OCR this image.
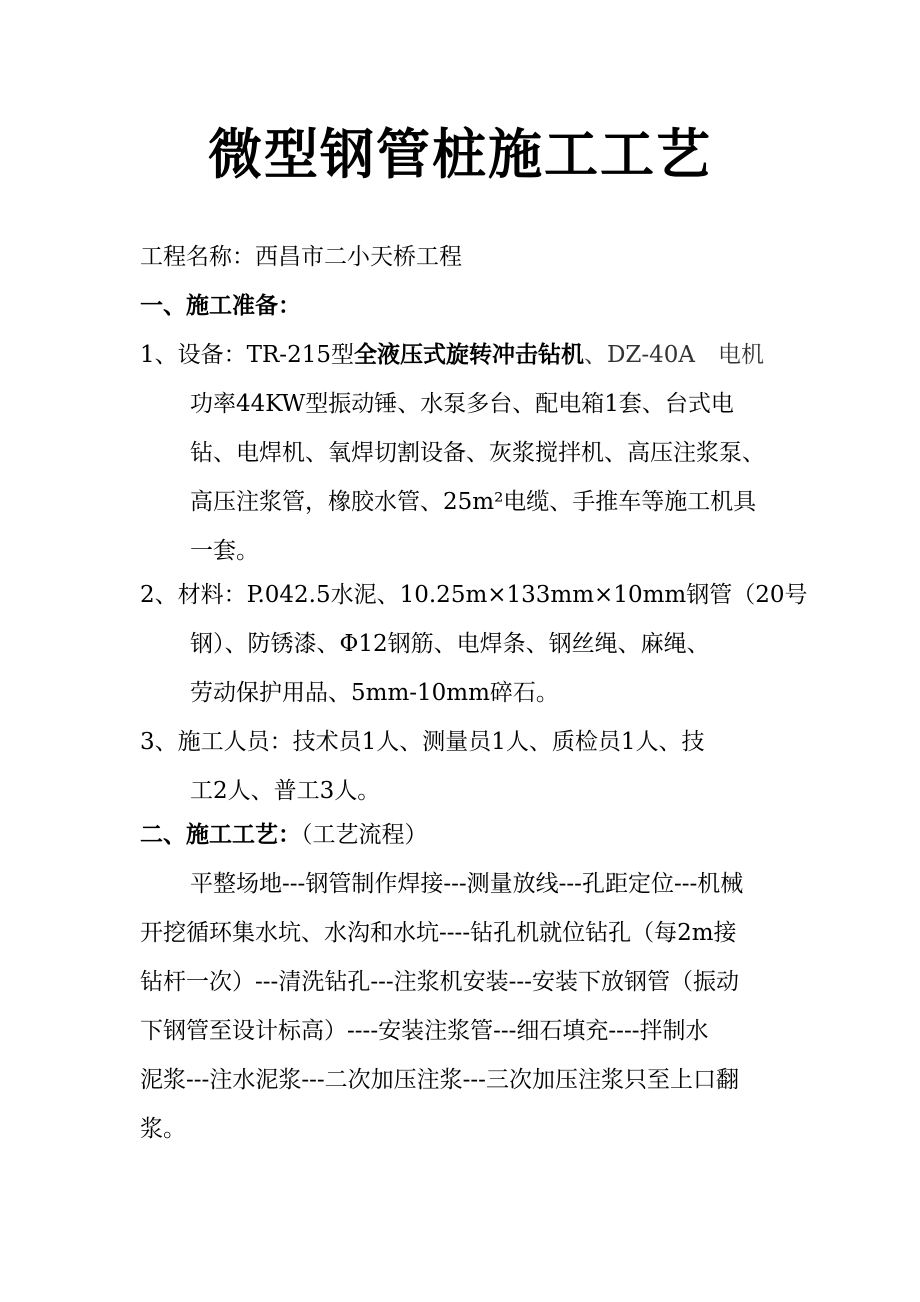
微型钢管桩施工工艺
工程名称：西昌市二小天桥工程
一、施工准备：
1、设备：TR-215型全液压式旋转冲击钻机、DZ-40A　电机
功率44KW型振动锤、水泵多台、配电箱1套、台式电
钻、电焊机、氧焊切割设备、灰浆搅拌机、高压注浆泵、
高压注浆管，橡胶水管、25m²电缆、手推车等施工机具
一套。
2、材料：P.042.5水泥、10.25m×133mm×10mm钢管（20号
钢）、防锈漆、Φ12钢筋、电焊条、钢丝绳、麻绳、
劳动保护用品、5mm-10mm碎石。
3、施工人员：技术员1人、测量员1人、质检员1人、技
工2人、普工3人。
二、施工工艺：（工艺流程）
平整场地---钢管制作焊接---测量放线---孔距定位---机械
开挖循环集水坑、水沟和水坑----钻孔机就位钻孔（每2m接
钻杆一次）---清洗钻孔---注浆机安装---安装下放钢管（振动
下钢管至设计标高）----安装注浆管---细石填充----拌制水
泥浆---注水泥浆---二次加压注浆---三次加压注浆只至上口翻
浆。
